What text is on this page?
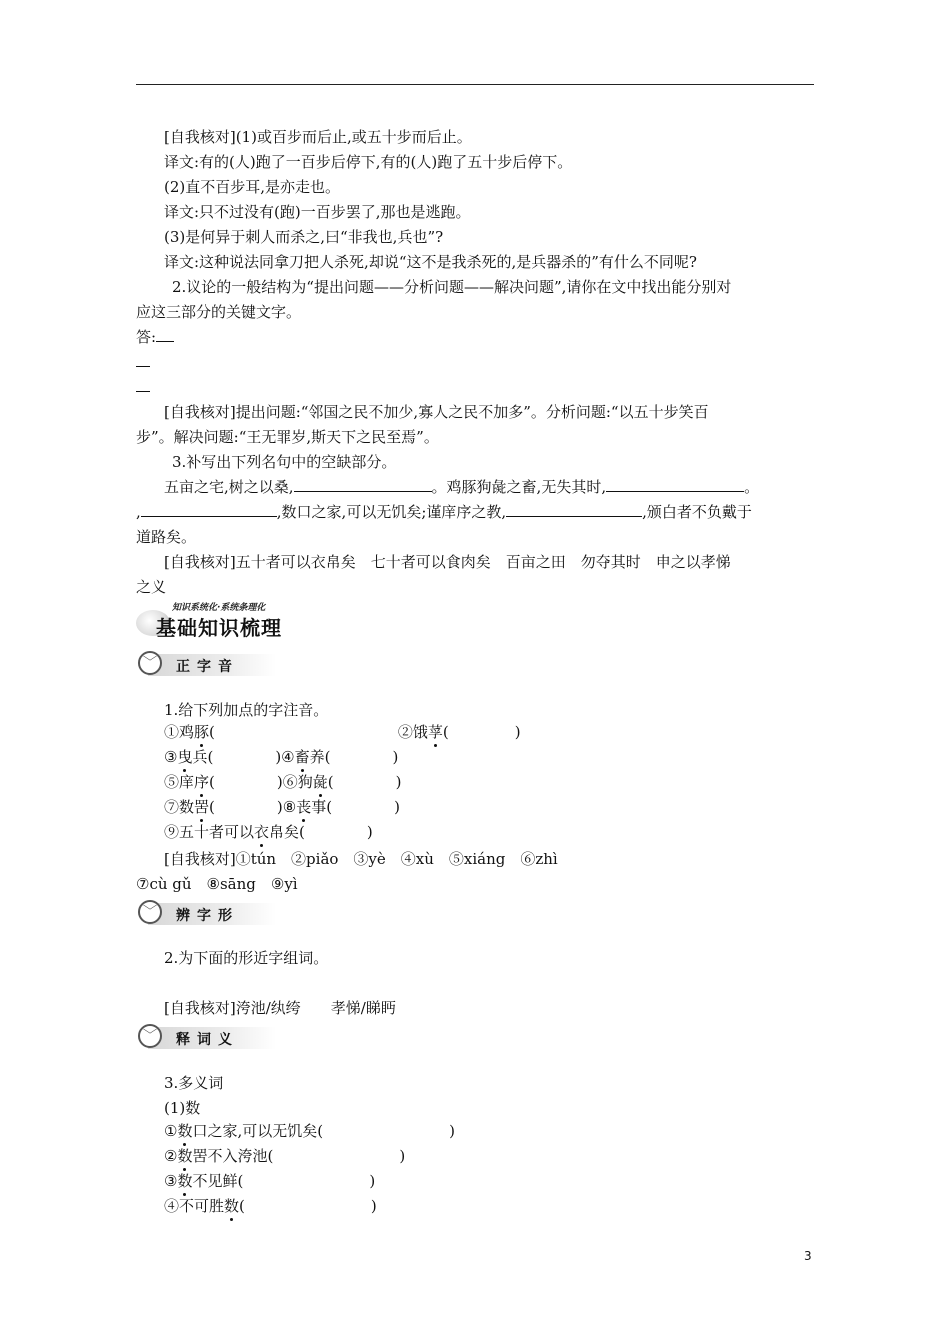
[自我核对](1)或百步而后止,或五十步而后止。
译文:有的(人)跑了一百步后停下,有的(人)跑了五十步后停下。
(2)直不百步耳,是亦走也。
译文:只不过没有(跑)一百步罢了,那也是逃跑。
(3)是何异于刺人而杀之,曰“非我也,兵也”?
译文:这种说法同拿刀把人杀死,却说“这不是我杀死的,是兵器杀的”有什么不同呢?
2.议论的一般结构为“提出问题——分析问题——解决问题”,请你在文中找出能分别对
应这三部分的关键文字。
答:
[自我核对]提出问题:“邻国之民不加少,寡人之民不加多”。分析问题:“以五十步笑百
步”。解决问题:“王无罪岁,斯天下之民至焉”。
3.补写出下列名句中的空缺部分。
五亩之宅,树之以桑,	。鸡豚狗彘之畜,无失其时,	。
,	,数口之家,可以无饥矣;谨庠序之教,	,颁白者不负戴于
道路矣。
[自我核对]五十者可以衣帛矣　七十者可以食肉矣　百亩之田　勿夺其时　申之以孝悌
之义
知识系统化·系统条理化
基础知识梳理
﹀	正字音
1.给下列加点的字注音。
①鸡豚(	②饿莩(	)
③曳兵(	)④畜养(	)
⑤庠序(	)⑥狗彘(	)
⑦数罟(	)⑧丧事(	)
⑨五十者可以衣帛矣(	)
[自我核对]①tún　②piǎo　③yè　④xù　⑤xiáng　⑥zhì
⑦cù gǔ　⑧sāng　⑨yì
﹀	辨字形
2.为下面的形近字组词。
[自我核对]洿池/纨绔　　孝悌/睇眄
﹀	释词义
3.多义词
(1)数
①数口之家,可以无饥矣(	)
②数罟不入洿池(	)
③数不见鲜(	)
④不可胜数(	)
3
